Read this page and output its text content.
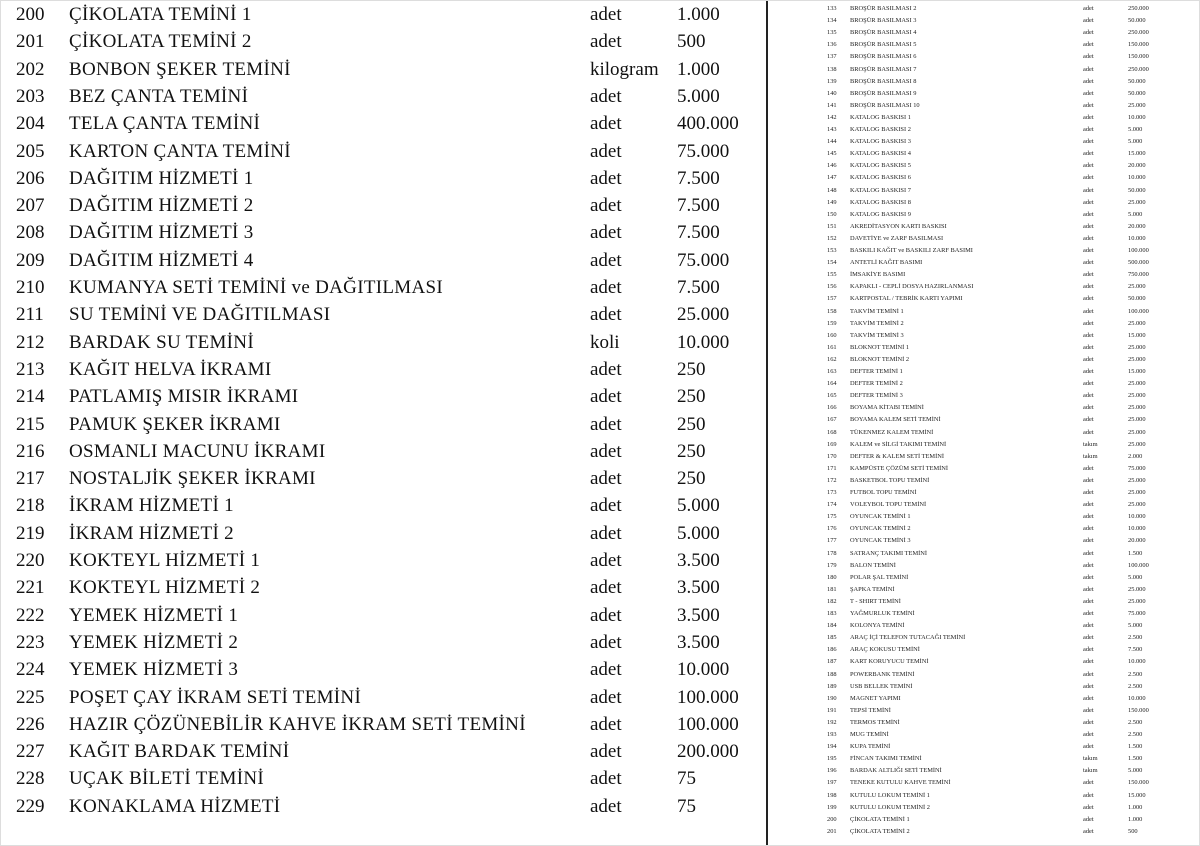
200 ÇİKOLATA TEMİNİ 1	adet	1.000
201 ÇİKOLATA TEMİNİ 2	adet	500
202 BONBON ŞEKER TEMİNİ	kilogram 1.000
203 BEZ ÇANTA TEMİNİ	adet	5.000
204 TELA ÇANTA TEMİNİ	adet	400.000
205 KARTON ÇANTA TEMİNİ	adet	75.000
206 DAĞITIM HİZMETİ 1	adet	7.500
207 DAĞITIM HİZMETİ 2	adet	7.500
208 DAĞITIM HİZMETİ 3	adet	7.500
209 DAĞITIM HİZMETİ 4	adet	75.000
210 KUMANYA SETİ TEMİNİ ve DAĞITILMASI	adet	7.500
211 SU TEMİNİ VE DAĞITILMASI	adet	25.000
212 BARDAK SU TEMİNİ	koli	10.000
213 KAĞIT HELVA İKRAMI	adet	250
214 PATLAMIŞ MISIR İKRAMI	adet	250
215 PAMUK ŞEKER İKRAMI	adet	250
216 OSMANLI MACUNU İKRAMI	adet	250
217 NOSTALJİK ŞEKER İKRAMI	adet	250
218 İKRAM HİZMETİ 1	adet	5.000
219 İKRAM HİZMETİ 2	adet	5.000
220 KOKTEYL HİZMETİ 1	adet	3.500
221 KOKTEYL HİZMETİ 2	adet	3.500
222 YEMEK HİZMETİ 1	adet	3.500
223 YEMEK HİZMETİ 2	adet	3.500
224 YEMEK HİZMETİ 3	adet	10.000
225 POŞET ÇAY İKRAM SETİ TEMİNİ	adet	100.000
226 HAZIR ÇÖZÜNEBİLİR KAHVE İKRAM SETİ TEMİNİ	adet	100.000
227 KAĞIT BARDAK TEMİNİ	adet	200.000
228 UÇAK BİLETİ TEMİNİ	adet	75
229 KONAKLAMA HİZMETİ	adet	75
133 BROŞÜR BASILMASI 2	adet	250.000
134 BROŞÜR BASILMASI 3	adet	50.000
135 BROŞÜR BASILMASI 4	adet	250.000
136 BROŞÜR BASILMASI 5	adet	150.000
137 BROŞÜR BASILMASI 6	adet	150.000
138 BROŞÜR BASILMASI 7	adet	250.000
139 BROŞÜR BASILMASI 8	adet	50.000
140 BROŞÜR BASILMASI 9	adet	50.000
141 BROŞÜR BASILMASI 10	adet	25.000
142 KATALOG BASKISI 1	adet	10.000
143 KATALOG BASKISI 2	adet	5.000
144 KATALOG BASKISI 3	adet	5.000
145 KATALOG BASKISI 4	adet	15.000
146 KATALOG BASKISI 5	adet	20.000
147 KATALOG BASKISI 6	adet	10.000
148 KATALOG BASKISI 7	adet	50.000
149 KATALOG BASKISI 8	adet	25.000
150 KATALOG BASKISI 9	adet	5.000
151 AKREDİTASYON KARTI BASKISI	adet	20.000
152 DAVETİYE ve ZARF BASILMASI	adet	10.000
153 BASKILI KAĞIT ve BASKILI ZARF BASIMI	adet	100.000
154 ANTETLİ KAĞIT BASIMI	adet	500.000
155 İMSAKİYE BASIMI	adet	750.000
156 KAPAKLI - CEPLİ DOSYA HAZIRLANMASI	adet	25.000
157 KARTPOSTAL / TEBRİK KARTI YAPIMI	adet	50.000
158 TAKVİM TEMİNİ 1	adet	100.000
159 TAKVİM TEMİNİ 2	adet	25.000
160 TAKVİM TEMİNİ 3	adet	15.000
161 BLOKNOT TEMİNİ 1	adet	25.000
162 BLOKNOT TEMİNİ 2	adet	25.000
163 DEFTER TEMİNİ 1	adet	15.000
164 DEFTER TEMİNİ 2	adet	25.000
165 DEFTER TEMİNİ 3	adet	25.000
166 BOYAMA KİTABI TEMİNİ	adet	25.000
167 BOYAMA KALEM SETİ TEMİNİ	adet	25.000
168 TÜKENMEZ KALEM TEMİNİ	adet	25.000
169 KALEM ve SİLGİ TAKIMI TEMİNİ	takım	25.000
170 DEFTER & KALEM SETİ TEMİNİ	takım	2.000
171 KAMPÜSTE ÇÖZÜM SETİ TEMİNİ	adet	75.000
172 BASKETBOL TOPU TEMİNİ	adet	25.000
173 FUTBOL TOPU TEMİNİ	adet	25.000
174 VOLEYBOL TOPU TEMİNİ	adet	25.000
175 OYUNCAK TEMİNİ 1	adet	10.000
176 OYUNCAK TEMİNİ 2	adet	10.000
177 OYUNCAK TEMİNİ 3	adet	20.000
178 SATRANÇ TAKIMI TEMİNİ	adet	1.500
179 BALON TEMİNİ	adet	100.000
180 POLAR ŞAL TEMİNİ	adet	5.000
181 ŞAPKA TEMİNİ	adet	25.000
182 T - SHIRT TEMİNİ	adet	25.000
183 YAĞMURLUK TEMİNİ	adet	75.000
184 KOLONYA TEMİNİ	adet	5.000
185 ARAÇ İÇİ TELEFON TUTACAĞI TEMİNİ	adet	2.500
186 ARAÇ KOKUSU TEMİNİ	adet	7.500
187 KART KORUYUCU TEMİNİ	adet	10.000
188 POWERBANK TEMİNİ	adet	2.500
189 USB BELLEK TEMİNİ	adet	2.500
190 MAGNET YAPIMI	adet	10.000
191 TEPSİ TEMİNİ	adet	150.000
192 TERMOS TEMİNİ	adet	2.500
193 MUG TEMİNİ	adet	2.500
194 KUPA TEMİNİ	adet	1.500
195 FİNCAN TAKIMI TEMİNİ	takım	1.500
196 BARDAK ALTLIĞI SETİ TEMİNİ	takım	5.000
197 TENEKE KUTULU KAHVE TEMİNİ	adet	150.000
198 KUTULU LOKUM TEMİNİ 1	adet	15.000
199 KUTULU LOKUM TEMİNİ 2	adet	1.000
200 ÇİKOLATA TEMİNİ 1	adet	1.000
201 ÇİKOLATA TEMİNİ 2	adet	500
